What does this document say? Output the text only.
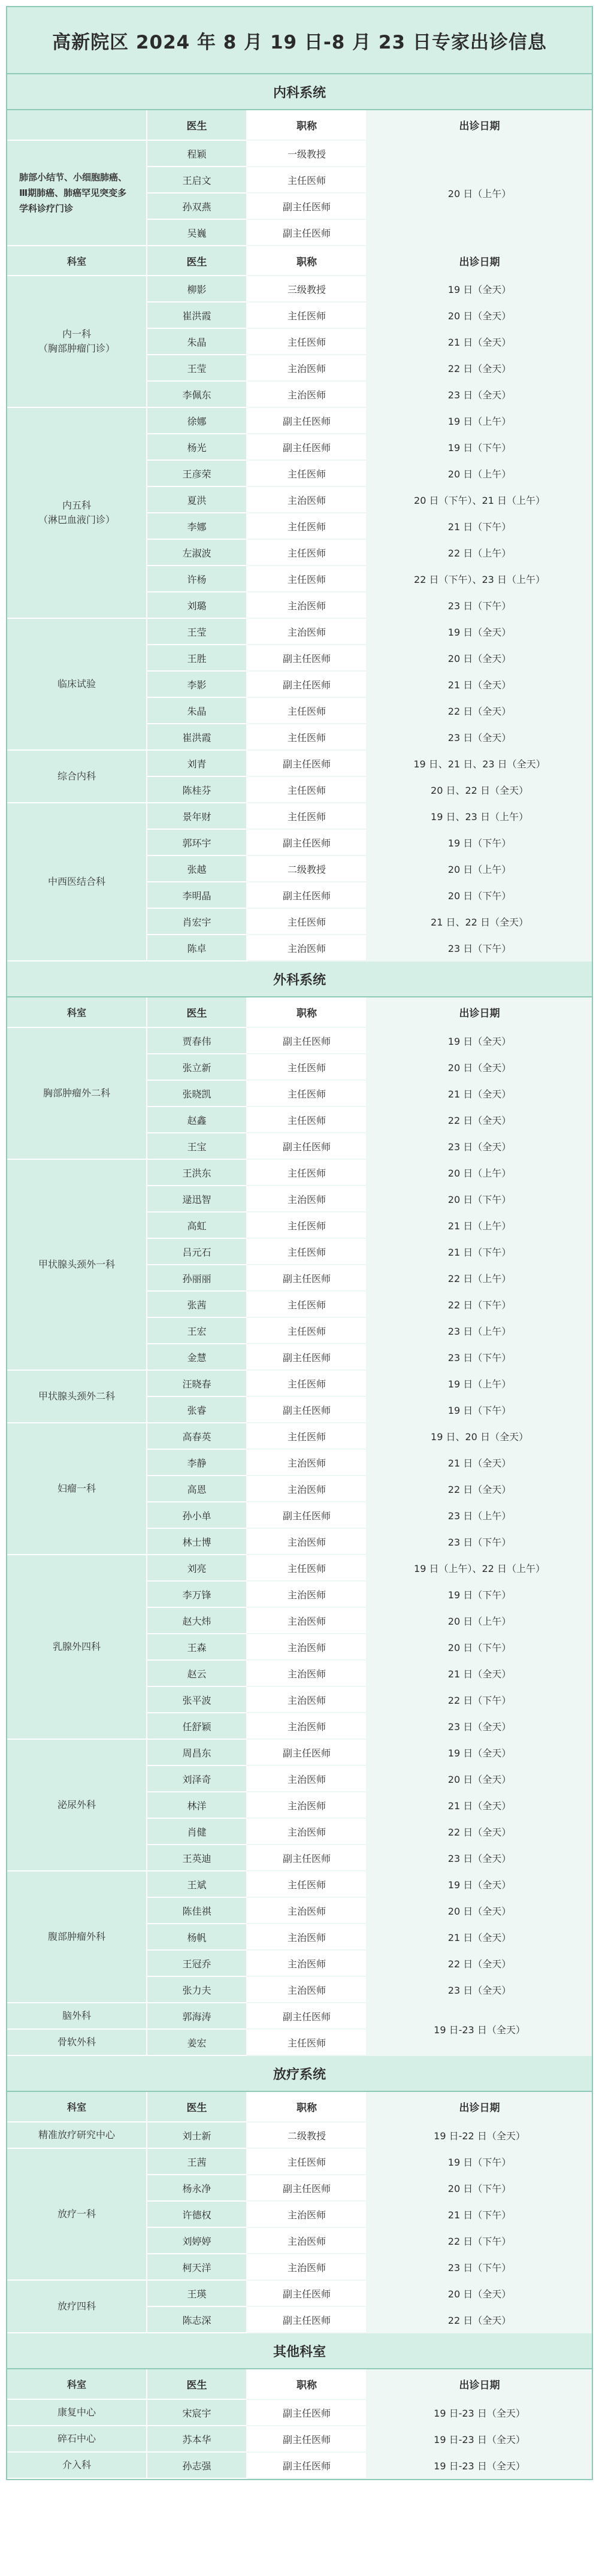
高新院区 2024 年 8 月 19 日-8 月 23 日专家出诊信息
内科系统
	医生	职称	出诊日期
肺部小结节、小细胞肺癌、Ⅲ期肺癌、肺癌罕见突变多学科诊疗门诊	程颖	一级教授	20 日（上午）
	王启文	主任医师	
	孙双燕	副主任医师	
	吴巍	副主任医师	
科室	医生	职称	出诊日期
内一科
（胸部肿瘤门诊）	柳影	三级教授	19 日（全天）
	崔洪霞	主任医师	20 日（全天）
	朱晶	主任医师	21 日（全天）
	王莹	主治医师	22 日（全天）
	李佩东	主治医师	23 日（全天）
内五科
（淋巴血液门诊）	徐娜	副主任医师	19 日（上午）
	杨光	副主任医师	19 日（下午）
	王彦荣	主任医师	20 日（上午）
	夏洪	主治医师	20 日（下午）、21 日（上午）
	李娜	主任医师	21 日（下午）
	左淑波	主任医师	22 日（上午）
	许杨	主任医师	22 日（下午）、23 日（上午）
	刘璐	主治医师	23 日（下午）
临床试验	王莹	主治医师	19 日（全天）
	王胜	副主任医师	20 日（全天）
	李影	副主任医师	21 日（全天）
	朱晶	主任医师	22 日（全天）
	崔洪霞	主任医师	23 日（全天）
综合内科	刘青	副主任医师	19 日、21 日、23 日（全天）
	陈桂芬	主任医师	20 日、22 日（全天）
中西医结合科	景年财	主任医师	19 日、23 日（上午）
	郭环宇	副主任医师	19 日（下午）
	张越	二级教授	20 日（上午）
	李明晶	副主任医师	20 日（下午）
	肖宏宇	主任医师	21 日、22 日（全天）
	陈卓	主治医师	23 日（下午）
外科系统
科室	医生	职称	出诊日期
胸部肿瘤外二科	贾春伟	副主任医师	19 日（全天）
	张立新	主任医师	20 日（全天）
	张晓凯	主任医师	21 日（全天）
	赵鑫	主任医师	22 日（全天）
	王宝	副主任医师	23 日（全天）
甲状腺头颈外一科	王洪东	主任医师	20 日（上午）
	逯迅智	主治医师	20 日（下午）
	高虹	主任医师	21 日（上午）
	吕元石	主任医师	21 日（下午）
	孙丽丽	副主任医师	22 日（上午）
	张茜	主任医师	22 日（下午）
	王宏	主任医师	23 日（上午）
	金慧	副主任医师	23 日（下午）
甲状腺头颈外二科	汪晓春	主任医师	19 日（上午）
	张睿	副主任医师	19 日（下午）
妇瘤一科	高春英	主任医师	19 日、20 日（全天）
	李静	主治医师	21 日（全天）
	高恩	主治医师	22 日（全天）
	孙小单	副主任医师	23 日（上午）
	林士博	主治医师	23 日（下午）
乳腺外四科	刘亮	主任医师	19 日（上午）、22 日（上午）
	李万锋	主治医师	19 日（下午）
	赵大炜	主治医师	20 日（上午）
	王森	主治医师	20 日（下午）
	赵云	主治医师	21 日（全天）
	张平波	主治医师	22 日（下午）
	任舒颖	主治医师	23 日（全天）
泌尿外科	周昌东	副主任医师	19 日（全天）
	刘泽奇	主治医师	20 日（全天）
	林洋	主治医师	21 日（全天）
	肖健	主治医师	22 日（全天）
	王英迪	副主任医师	23 日（全天）
腹部肿瘤外科	王斌	主任医师	19 日（全天）
	陈佳祺	主治医师	20 日（全天）
	杨帆	主治医师	21 日（全天）
	王冠乔	主治医师	22 日（全天）
	张力夫	主治医师	23 日（全天）
脑外科	郭海涛	副主任医师	19 日-23 日（全天）
骨软外科	姜宏	主任医师	
放疗系统
科室	医生	职称	出诊日期
精准放疗研究中心	刘士新	二级教授	19 日-22 日（全天）
放疗一科	王茜	主任医师	19 日（下午）
	杨永净	副主任医师	20 日（下午）
	许德权	主治医师	21 日（下午）
	刘婷婷	主治医师	22 日（下午）
	柯天洋	主治医师	23 日（下午）
放疗四科	王瑛	副主任医师	20 日（全天）
	陈志深	副主任医师	22 日（全天）
其他科室
科室	医生	职称	出诊日期
康复中心	宋宸宇	副主任医师	19 日-23 日（全天）
碎石中心	苏本华	副主任医师	19 日-23 日（全天）
介入科	孙志强	副主任医师	19 日-23 日（全天）
